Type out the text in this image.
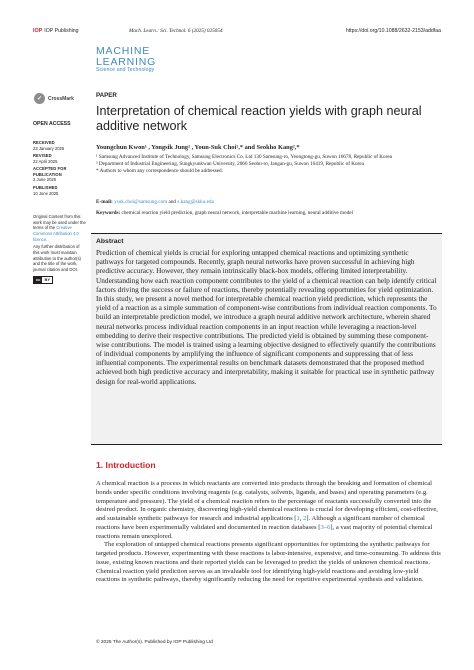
IOP IOP Publishing	Mach. Learn.: Sci. Technol. 6 (2025) 025054	https://doi.org/10.1088/2632-2153/addfaa
MACHINE
LEARNING
Science and Technology
✓	CrossMark
OPEN ACCESS
RECEIVED
23 January 2025
REVISED
22 April 2025
ACCEPTED FOR PUBLICATION
2 June 2025
PUBLISHED
10 June 2025
Original Content from this work may be used under the terms of the Creative Commons Attribution 4.0 licence.
Any further distribution of this work must maintain attribution to the author(s) and the title of the work, journal citation and DOI.
cc	BY
PAPER
Interpretation of chemical reaction yields with graph neural additive network
Youngchun Kwon¹ , Yongsik Jung² , Youn-Suk Choi¹,* and Seokho Kang²,*
¹ Samsung Advanced Institute of Technology, Samsung Electronics Co. Ltd 130 Samsung-ro, Yeongtong-gu, Suwon 16678, Republic of Korea
² Department of Industrial Engineering, Sungkyunkwan University, 2066 Seobu-ro, Jangan-gu, Suwon 16419, Republic of Korea
* Authors to whom any correspondence should be addressed.
E-mail: ysuk.choi@samsung.com and s.kang@skku.edu
Keywords: chemical reaction yield prediction, graph neural network, interpretable machine learning, neural additive model
Abstract

Prediction of chemical yields is crucial for exploring untapped chemical reactions and optimizing synthetic pathways for targeted compounds. Recently, graph neural networks have proven successful in achieving high predictive accuracy. However, they remain intrinsically black-box models, offering limited interpretability. Understanding how each reaction component contributes to the yield of a chemical reaction can help identify critical factors driving the success or failure of reactions, thereby potentially revealing opportunities for yield optimization. In this study, we present a novel method for interpretable chemical reaction yield prediction, which represents the yield of a reaction as a simple summation of component-wise contributions from individual reaction components. To build an interpretable prediction model, we introduce a graph neural additive network architecture, wherein shared neural networks process individual reaction components in an input reaction while leveraging a reaction-level embedding to derive their respective contributions. The predicted yield is obtained by summing these component-wise contributions. The model is trained using a learning objective designed to effectively quantify the contributions of individual components by amplifying the influence of significant components and suppressing that of less influential components. The experimental results on benchmark datasets demonstrated that the proposed method achieved both high predictive accuracy and interpretability, making it suitable for practical use in synthetic pathway design for real-world applications.

1. Introduction

A chemical reaction is a process in which reactants are converted into products through the breaking and formation of chemical bonds under specific conditions involving reagents (e.g. catalysts, solvents, ligands, and bases) and operating parameters (e.g. temperature and pressure). The yield of a chemical reaction refers to the percentage of reactants successfully converted into the desired product. In organic chemistry, discovering high-yield chemical reactions is crucial for developing efficient, cost-effective, and sustainable synthetic pathways for research and industrial applications [1, 2]. Although a significant number of chemical reactions have been experimentally validated and documented in reaction databases [3–6], a vast majority of potential chemical reactions remain unexplored.

The exploration of untapped chemical reactions presents significant opportunities for optimizing the synthetic pathways for targeted products. However, experimenting with these reactions is labor-intensive, expensive, and time-consuming. To address this issue, existing known reactions and their reported yields can be leveraged to predict the yields of unknown chemical reactions. Chemical reaction yield prediction serves as an invaluable tool for identifying high-yield reactions and avoiding low-yield reactions in synthetic pathways, thereby significantly reducing the need for repetitive experimental synthesis and validation.

© 2025 The Author(s). Published by IOP Publishing Ltd
